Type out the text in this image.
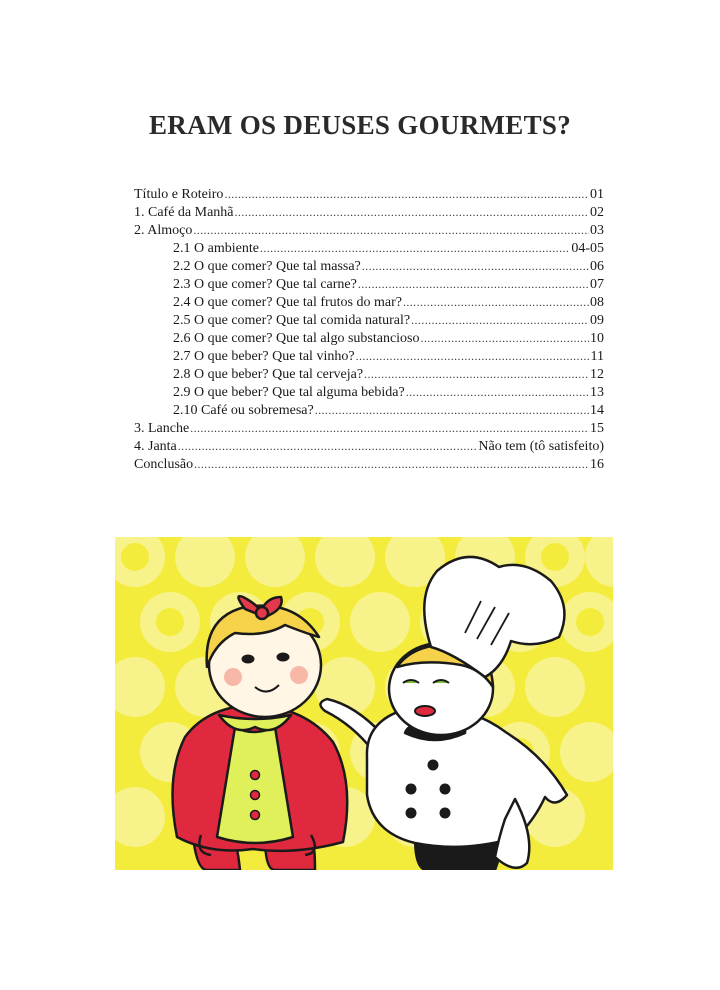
ERAM OS DEUSES GOURMETS?
Título e Roteiro .....	01
1. Café da Manhã .....	02
2. Almoço .....	03
2.1 O ambiente .....	04-05
2.2 O que comer? Que tal massa? .....	06
2.3 O que comer? Que tal carne? .....	07
2.4 O que comer? Que tal frutos do mar? .....	08
2.5 O que comer? Que tal comida natural? .....	09
2.6 O que comer? Que tal algo substancioso .....	10
2.7 O que beber? Que tal vinho? .....	11
2.8 O que beber? Que tal cerveja? .....	12
2.9 O que beber? Que tal alguma bebida? .....	13
2.10 Café ou sobremesa? .....	14
3. Lanche .....	15
4. Janta .....	Não tem (tô satisfeito)
Conclusão .....	16
